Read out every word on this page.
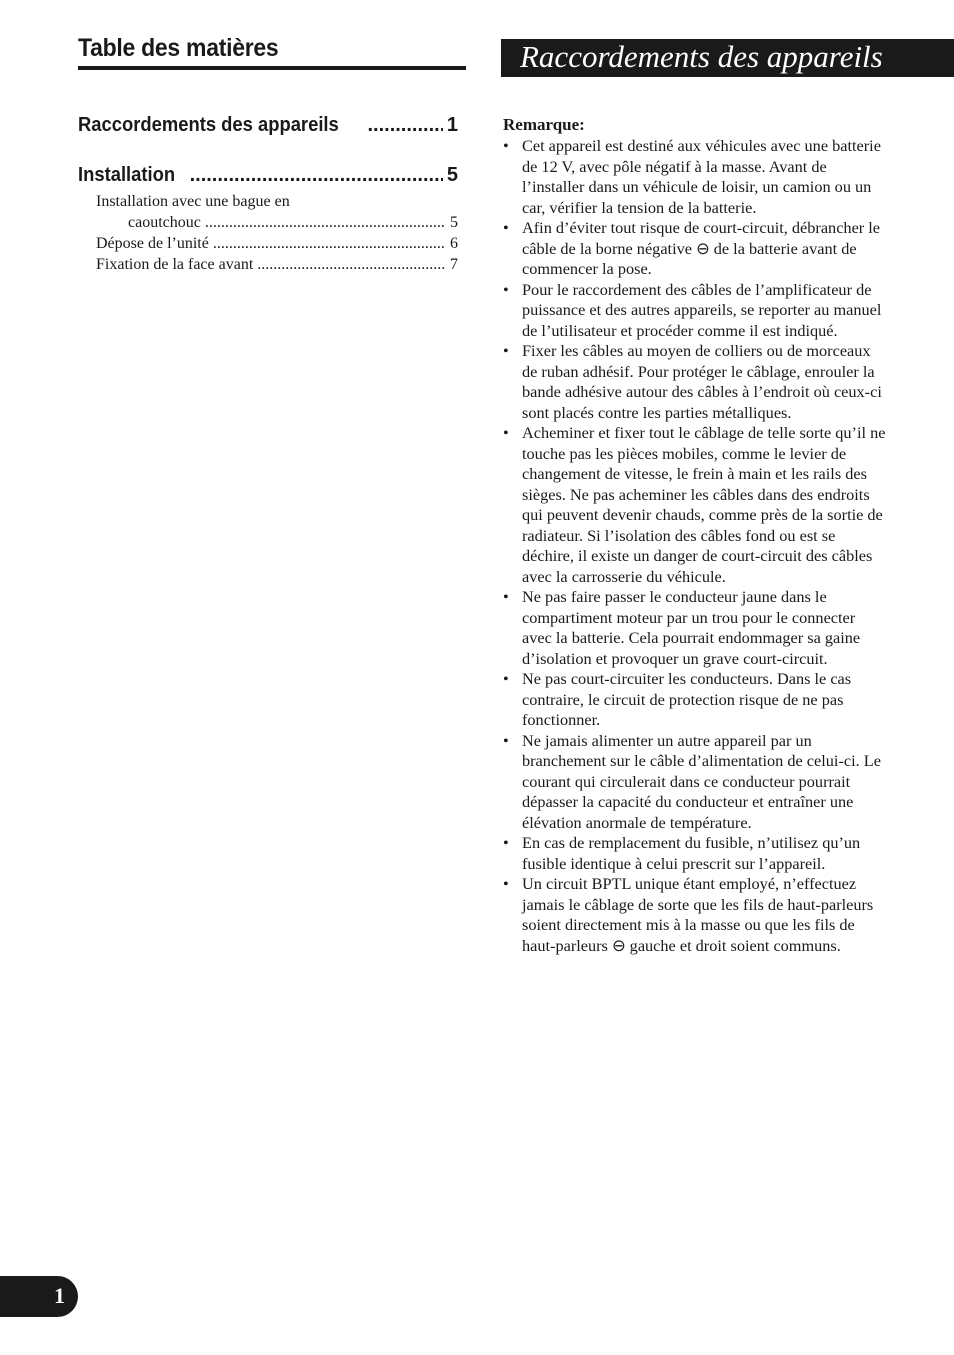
Table des matières
Raccordements des appareils .....	1
Installation .....	5
Installation avec une bague en
caoutchouc .....	5
Dépose de l’unité .....	6
Fixation de la face avant .....	7
Raccordements des appareils
Remarque:
• Cet appareil est destiné aux véhicules avec une batterie de 12 V, avec pôle négatif à la masse. Avant de l’installer dans un véhicule de loisir, un camion ou un car, vérifier la tension de la batterie.
• Afin d’éviter tout risque de court-circuit, débrancher le câble de la borne négative ⊖ de la batterie avant de commencer la pose.
• Pour le raccordement des câbles de l’amplificateur de puissance et des autres appareils, se reporter au manuel de l’utilisateur et procéder comme il est indiqué.
• Fixer les câbles au moyen de colliers ou de morceaux de ruban adhésif. Pour protéger le câblage, enrouler la bande adhésive autour des câbles à l’endroit où ceux-ci sont placés contre les parties métalliques.
• Acheminer et fixer tout le câblage de telle sorte qu’il ne touche pas les pièces mobiles, comme le levier de changement de vitesse, le frein à main et les rails des sièges. Ne pas acheminer les câbles dans des endroits qui peuvent devenir chauds, comme près de la sortie de radiateur. Si l’isolation des câbles fond ou est se déchire, il existe un danger de court-circuit des câbles avec la carrosserie du véhicule.
• Ne pas faire passer le conducteur jaune dans le compartiment moteur par un trou pour le connecter avec la batterie. Cela pourrait endommager sa gaine d’isolation et provoquer un grave court-circuit.
• Ne pas court-circuiter les conducteurs. Dans le cas contraire, le circuit de protection risque de ne pas fonctionner.
• Ne jamais alimenter un autre appareil par un branchement sur le câble d’alimentation de celui-ci. Le courant qui circulerait dans ce conducteur pourrait dépasser la capacité du conducteur et entraîner une élévation anormale de température.
• En cas de remplacement du fusible, n’utilisez qu’un fusible identique à celui prescrit sur l’appareil.
• Un circuit BPTL unique étant employé, n’effectuez jamais le câblage de sorte que les fils de haut-parleurs soient directement mis à la masse ou que les fils de haut-parleurs ⊖ gauche et droit soient communs.
1
